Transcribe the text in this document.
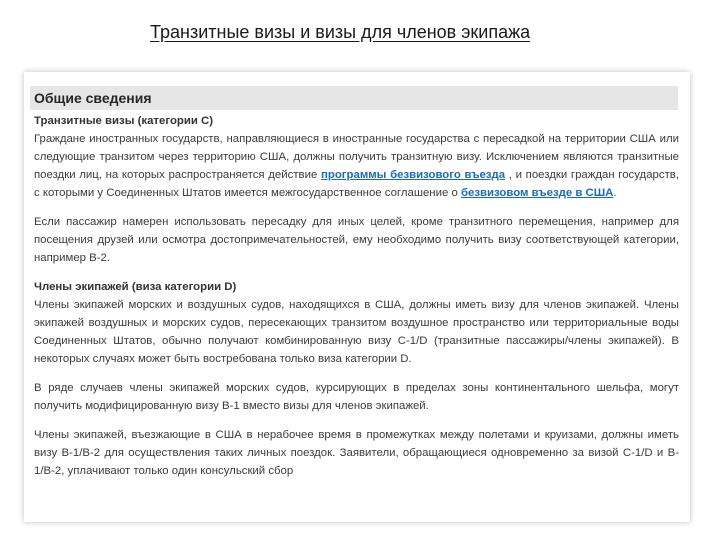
Транзитные визы и визы для членов экипажа
Общие сведения

Транзитные визы (категории C)
Граждане иностранных государств, направляющиеся в иностранные государства с пересадкой на территории США или следующие транзитом через территорию США, должны получить транзитную визу. Исключением являются транзитные поездки лиц, на которых распространяется действие программы безвизового въезда , и поездки граждан государств, с которыми у Соединенных Штатов имеется межгосударственное соглашение о безвизовом въезде в США.

Если пассажир намерен использовать пересадку для иных целей, кроме транзитного перемещения, например для посещения друзей или осмотра достопримечательностей, ему необходимо получить визу соответствующей категории, например B-2.

Члены экипажей (виза категории D)
Члены экипажей морских и воздушных судов, находящихся в США, должны иметь визу для членов экипажей. Члены экипажей воздушных и морских судов, пересекающих транзитом воздушное пространство или территориальные воды Соединенных Штатов, обычно получают комбинированную визу C-1/D (транзитные пассажиры/члены экипажей). В некоторых случаях может быть востребована только виза категории D.

В ряде случаев члены экипажей морских судов, курсирующих в пределах зоны континентального шельфа, могут получить модифицированную визу B-1 вместо визы для членов экипажей.

Члены экипажей, въезжающие в США в нерабочее время в промежутках между полетами и круизами, должны иметь визу B-1/B-2 для осуществления таких личных поездок. Заявители, обращающиеся одновременно за визой C-1/D и B-1/B-2, уплачивают только один консульский сбор
